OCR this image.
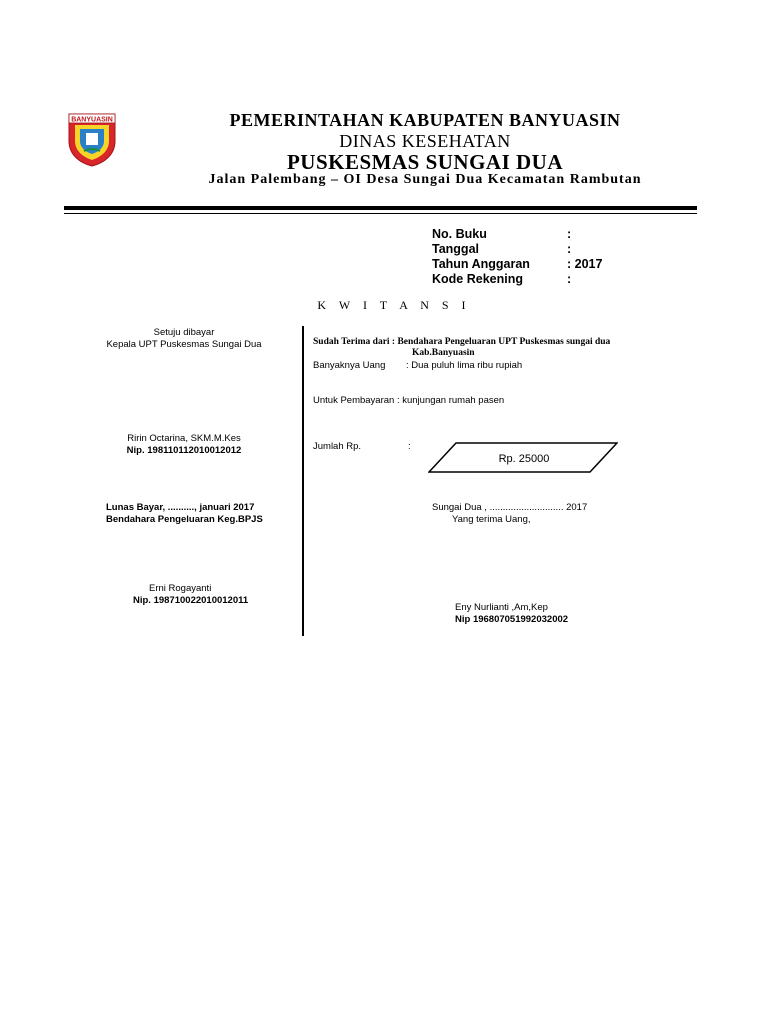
BANYUASIN	PEMERINTAHAN KABUPATEN BANYUASIN
DINAS KESEHATAN
PUSKESMAS SUNGAI DUA
Jalan Palembang – OI Desa Sungai Dua Kecamatan Rambutan
No. Buku	:
Tanggal	:
Tahun Anggaran	: 2017
Kode Rekening	:
K W I T A N S I
Setuju dibayar
Kepala UPT Puskesmas Sungai Dua
Ririn Octarina, SKM.M.Kes
Nip. 198110112010012012
Lunas Bayar, .........., januari 2017
Bendahara Pengeluaran Keg.BPJS
Erni Rogayanti
Nip. 198710022010012011
Sudah Terima dari : Bendahara Pengeluaran UPT Puskesmas sungai dua
Kab.Banyuasin
Banyaknya Uang : Dua puluh lima ribu rupiah
Untuk Pembayaran : kunjungan rumah pasen
Jumlah Rp.	:
Rp. 25000
Sungai Dua , ............................ 2017
Yang terima Uang,
Eny Nurlianti ,Am,Kep
Nip 196807051992032002
